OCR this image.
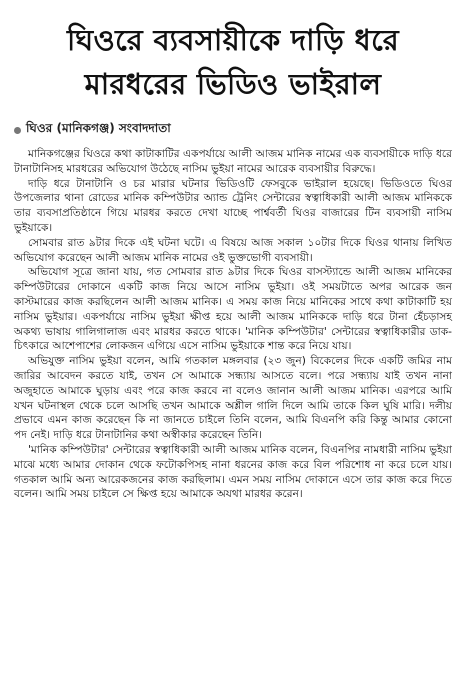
ঘিওরে ব্যবসায়ীকে দাড়ি ধরে
মারধরের ভিডিও ভাইরাল
ঘিওর (মানিকগঞ্জ) সংবাদদাতা

মানিকগঞ্জের ঘিওরে কথা কাটাকাটির একপর্যায়ে আলী আজম মানিক নামের এক ব্যবসায়ীকে দাড়ি ধরে টানাটানিসহ মারধরের অভিযোগ উঠেছে নাসিম ভুইয়া নামের আরেক ব্যবসায়ীর বিরুদ্ধে।

দাড়ি ধরে টানাটানি ও চর মারার ঘটনার ভিডিওটি ফেসবুকে ভাইরাল হয়েছে। ভিডিওতে ঘিওর উপজেলার থানা রোডের মানিক কম্পিউটার অ্যান্ড ট্রেনিং সেন্টারের স্বত্বাধিকারী আলী আজম মানিককে তার ব্যবসাপ্রতিষ্ঠানে গিয়ে মারধর করতে দেখা যাচ্ছে পার্শ্ববর্তী ঘিওর বাজারের টিন ব্যবসায়ী নাসিম ভুইয়াকে।

সোমবার রাত ৯টার দিকে এই ঘটনা ঘটে। এ বিষয়ে আজ সকাল ১০টার দিকে ঘিওর থানায় লিখিত অভিযোগ করেছেন আলী আজম মানিক নামের ওই ভুক্তভোগী ব্যবসায়ী।

অভিযোগ সূত্রে জানা যায়, গত সোমবার রাত ৯টার দিকে ঘিওর বাসস্ট্যান্ডে আলী আজম মানিকের কম্পিউটারের দোকানে একটি কাজ নিয়ে আসে নাসিম ভুইয়া। ওই সময়টাতে অপর আরেক জন কাস্টমারের কাজ করছিলেন আলী আজম মানিক। এ সময় কাজ নিয়ে মানিকের সাথে কথা কাটাকাটি হয় নাসিম ভুইয়ার। একপর্যায়ে নাসিম ভুইয়া ক্ষীপ্ত হয়ে আলী আজম মানিককে দাড়ি ধরে টানা হেঁচড়াসহ অকথ্য ভাষায় গালিগালাজ এবং মারধর করতে থাকে। 'মানিক কম্পিউটার' সেন্টারের স্বত্বাধিকারীর ডাক-চিৎকারে আশেপাশের লোকজন এগিয়ে এসে নাসিম ভুইয়াকে শান্ত করে নিয়ে যায়।

অভিযুক্ত নাসিম ভুইয়া বলেন, আমি গতকাল মঙ্গলবার (২৩ জুন) বিকেলের দিকে একটি জমির নাম জারির আবেদন করতে যাই, তখন সে আমাকে সন্ধ্যায় আসতে বলে। পরে সন্ধ্যায় যাই তখন নানা অজুহাতে আমাকে ঘুড়ায় এবং পরে কাজ করবে না বলেও জানান আলী আজম মানিক। এরপরে আমি যখন ঘটনাস্থল থেকে চলে আসছি তখন আমাকে অশ্লীল গালি দিলে আমি তাকে কিল ঘুষি মারি। দলীয় প্রভাবে এমন কাজ করেছেন কি না জানতে চাইলে তিনি বলেন, আমি বিএনপি করি কিন্তু আমার কোনো পদ নেই। দাড়ি ধরে টানাটানির কথা অস্বীকার করেছেন তিনি।

'মানিক কম্পিউটার' সেন্টারের স্বত্বাধিকারী আলী আজম মানিক বলেন, বিএনপির নামধারী নাসিম ভুইয়া মাঝে মধ্যে আমার দোকান থেকে ফটোকপিসহ নানা ধরনের কাজ করে বিল পরিশোধ না করে চলে যায়। গতকাল আমি অন্য আরেকজনের কাজ করছিলাম। এমন সময় নাসিম দোকানে এসে তার কাজ করে দিতে বলেন। আমি সময় চাইলে সে ক্ষিপ্ত হয়ে আমাকে অযথা মারধর করেন।
